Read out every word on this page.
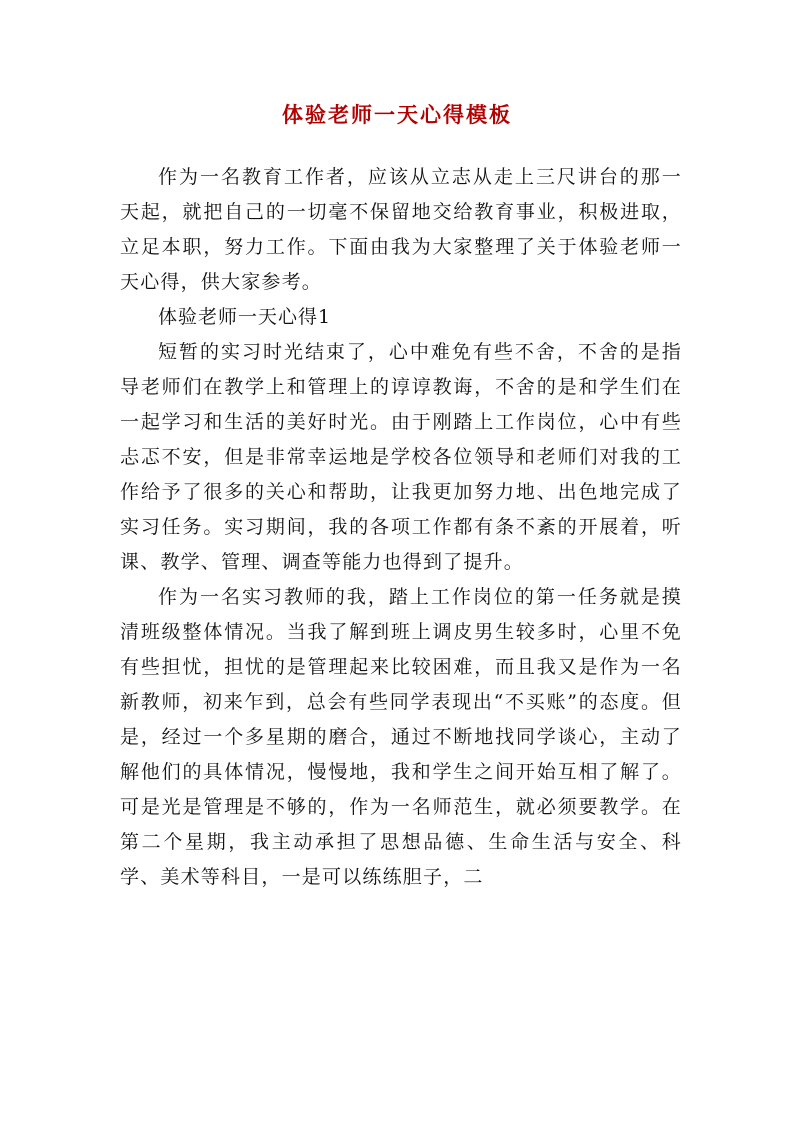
体验老师一天心得模板

作为一名教育工作者，应该从立志从走上三尺讲台的那一天起，就把自己的一切毫不保留地交给教育事业，积极进取，立足本职，努力工作。下面由我为大家整理了关于体验老师一天心得，供大家参考。

体验老师一天心得1

短暂的实习时光结束了，心中难免有些不舍，不舍的是指导老师们在教学上和管理上的谆谆教诲，不舍的是和学生们在一起学习和生活的美好时光。由于刚踏上工作岗位，心中有些忐忑不安，但是非常幸运地是学校各位领导和老师们对我的工作给予了很多的关心和帮助，让我更加努力地、出色地完成了实习任务。实习期间，我的各项工作都有条不紊的开展着，听课、教学、管理、调查等能力也得到了提升。

作为一名实习教师的我，踏上工作岗位的第一任务就是摸清班级整体情况。当我了解到班上调皮男生较多时，心里不免有些担忧，担忧的是管理起来比较困难，而且我又是作为一名新教师，初来乍到，总会有些同学表现出“不买账”的态度。但是，经过一个多星期的磨合，通过不断地找同学谈心，主动了解他们的具体情况，慢慢地，我和学生之间开始互相了解了。可是光是管理是不够的，作为一名师范生，就必须要教学。在第二个星期，我主动承担了思想品德、生命生活与安全、科学、美术等科目，一是可以练练胆子，二
